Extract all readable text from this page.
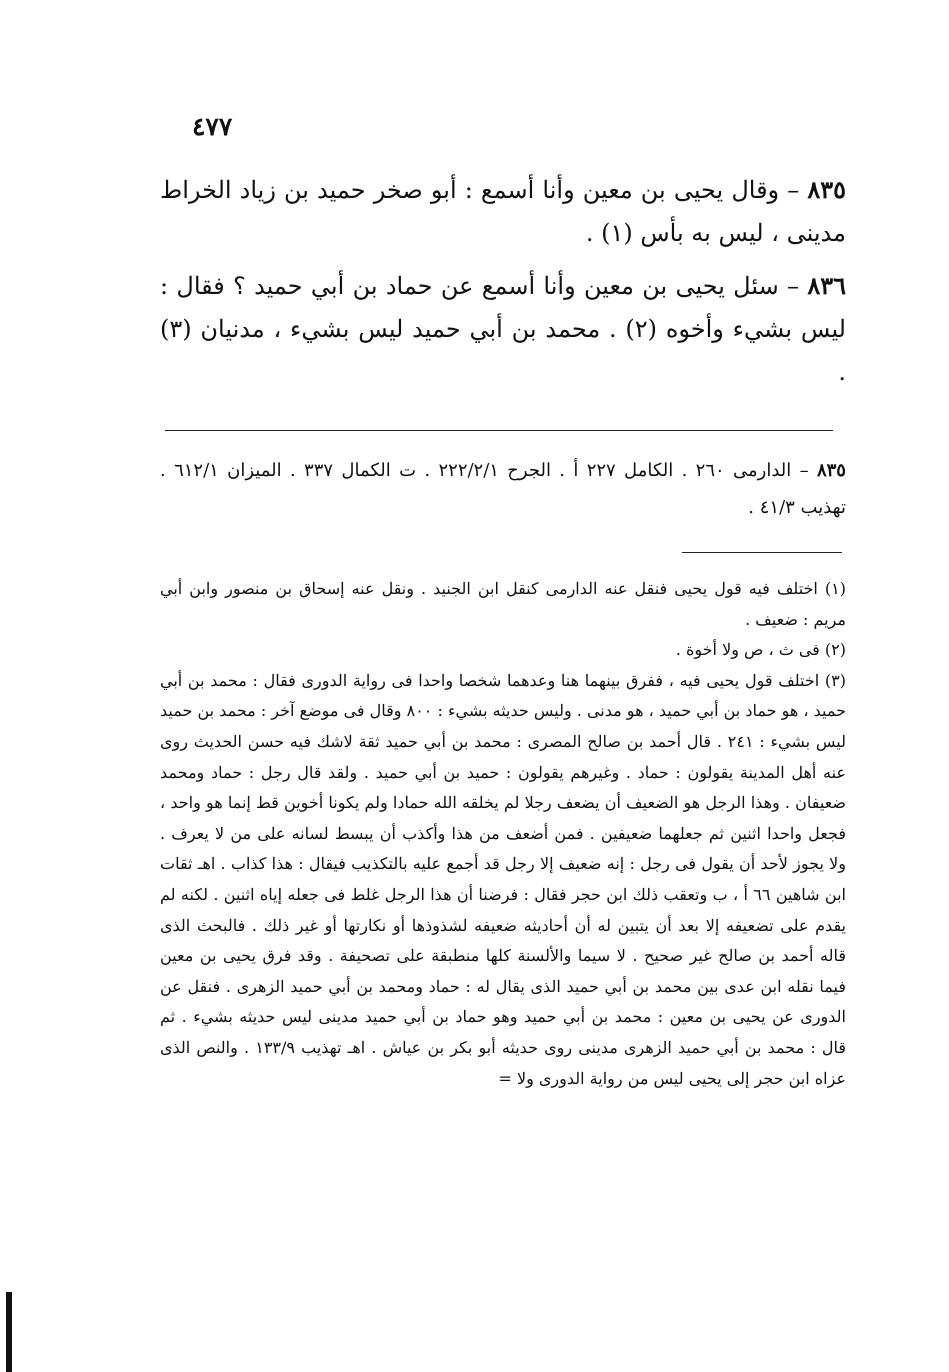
٤٧٧

٨٣٥ – وقال يحيى بن معين وأنا أسمع : أبو صخر حميد بن زياد الخراط مدينى ، ليس به بأس (١) .

٨٣٦ – سئل يحيى بن معين وأنا أسمع عن حماد بن أبي حميد ؟ فقال : ليس بشيء وأخوه (٢) . محمد بن أبي حميد ليس بشيء ، مدنيان (٣) .

٨٣٥ – الدارمى ٢٦٠ . الكامل ٢٢٧ أ . الجرح ٢٢٢/٢/١ . ت الكمال ٣٣٧ . الميزان ٦١٢/١ . تهذيب ٤١/٣ .

(١) اختلف فيه قول يحيى فنقل عنه الدارمى كنقل ابن الجنيد . ونقل عنه إسحاق بن منصور وابن أبي مريم : ضعيف .

(٢) فى ث ، ص ولا أخوة .

(٣) اختلف قول يحيى فيه ، ففرق بينهما هنا وعدهما شخصا واحدا فى رواية الدورى فقال : محمد بن أبي حميد ، هو حماد بن أبي حميد ، هو مدنى . وليس حديثه بشيء : ٨٠٠ وقال فى موضع آخر : محمد بن حميد ليس بشيء : ٢٤١ . قال أحمد بن صالح المصرى : محمد بن أبي حميد ثقة لاشك فيه حسن الحديث روى عنه أهل المدينة يقولون : حماد . وغيرهم يقولون : حميد بن أبي حميد . ولقد قال رجل : حماد ومحمد ضعيفان . وهذا الرجل هو الضعيف أن يضعف رجلا لم يخلقه الله حمادا ولم يكونا أخوين قط إنما هو واحد ، فجعل واحدا اثنين ثم جعلهما ضعيفين . فمن أضعف من هذا وأكذب أن يبسط لسانه على من لا يعرف . ولا يجوز لأحد أن يقول فى رجل : إنه ضعيف إلا رجل قد أجمع عليه بالتكذيب فيقال : هذا كذاب . اهـ ثقات ابن شاهين ٦٦ أ ، ب وتعقب ذلك ابن حجر فقال : فرضنا أن هذا الرجل غلط فى جعله إياه اثنين . لكنه لم يقدم على تضعيفه إلا بعد أن يتبين له أن أحاديثه ضعيفه لشذوذها أو نكارتها أو غير ذلك . فالبحث الذى قاله أحمد بن صالح غير صحيح . لا سيما والألسنة كلها منطبقة على تصحيفة . وقد فرق يحيى بن معين فيما نقله ابن عدى بين محمد بن أبي حميد الذى يقال له : حماد ومحمد بن أبي حميد الزهرى . فنقل عن الدورى عن يحيى بن معين : محمد بن أبي حميد وهو حماد بن أبي حميد مدينى ليس حديثه بشيء . ثم قال : محمد بن أبي حميد الزهرى مدينى روى حديثه أبو بكر بن عياش . اهـ تهذيب ١٣٣/٩ . والنص الذى عزاه ابن حجر إلى يحيى ليس من رواية الدورى ولا =
